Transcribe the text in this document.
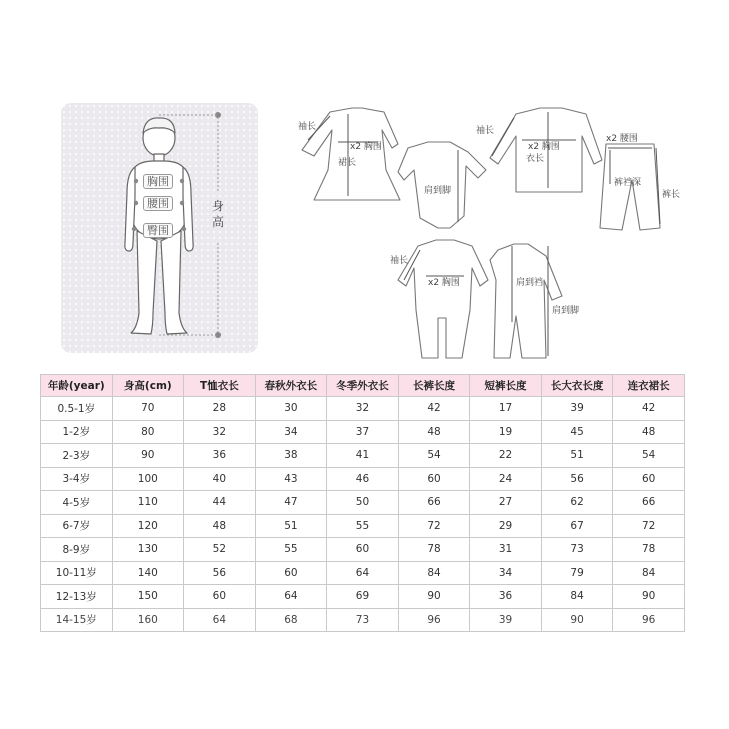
胸围
腰围
臀围
身高
袖长
x2 胸围
裙长
肩到脚
袖长
x2 胸围
衣长
x2 腰围
裤裆深
裤长
袖长
x2 胸围	肩到裆
肩到脚
年龄(year)	身高(cm)	T恤衣长	春秋外衣长	冬季外衣长	长裤长度	短裤长度	长大衣长度	连衣裙长
0.5-1岁	70	28	30	32	42	17	39	42
1-2岁	80	32	34	37	48	19	45	48
2-3岁	90	36	38	41	54	22	51	54
3-4岁	100	40	43	46	60	24	56	60
4-5岁	110	44	47	50	66	27	62	66
6-7岁	120	48	51	55	72	29	67	72
8-9岁	130	52	55	60	78	31	73	78
10-11岁	140	56	60	64	84	34	79	84
12-13岁	150	60	64	69	90	36	84	90
14-15岁	160	64	68	73	96	39	90	96
